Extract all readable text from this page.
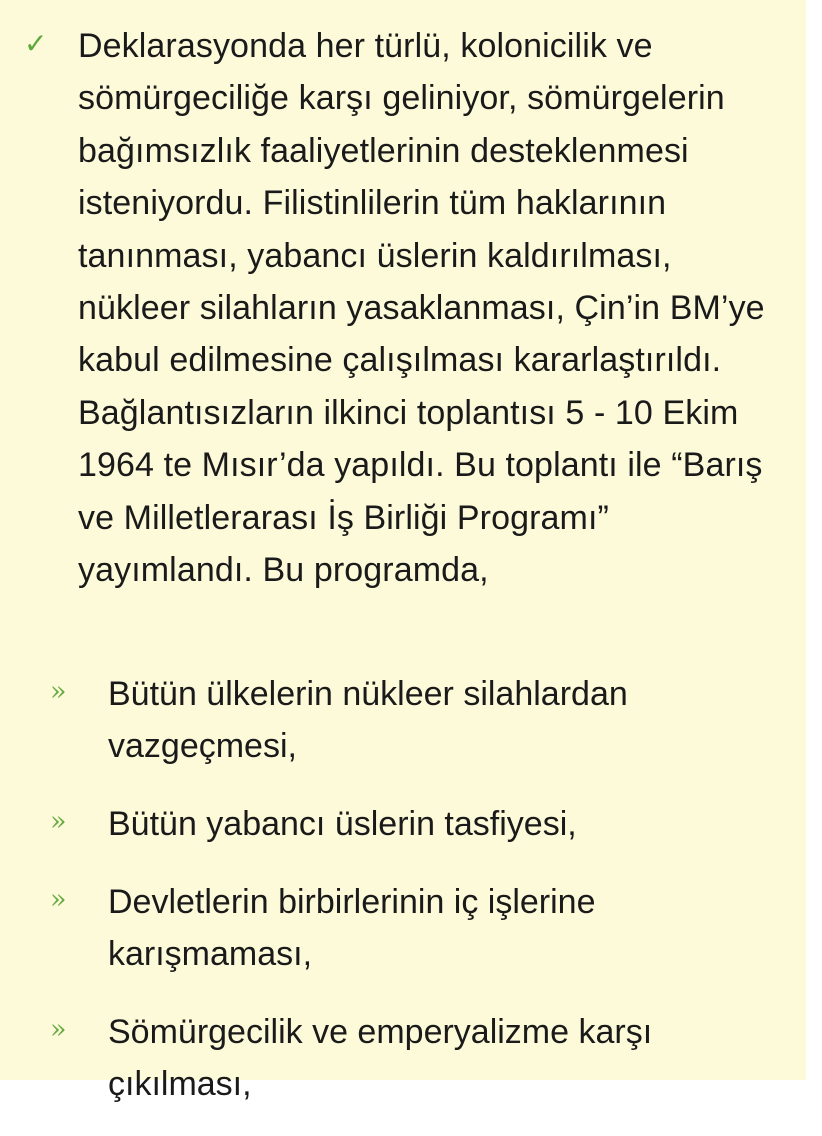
✓ Deklarasyonda her türlü, kolonicilik ve sömürgeciliğe karşı geliniyor, sömürgelerin bağımsızlık faaliyetlerinin desteklenmesi isteniyordu. Filistinlilerin tüm haklarının tanınması, yabancı üslerin kaldırılması, nükleer silahların yasaklanması, Çin’in BM’ye kabul edilmesine çalışılması kararlaştırıldı. Bağlantısızların ilkinci toplantısı 5 - 10 Ekim 1964 te Mısır’da yapıldı. Bu toplantı ile “Barış ve Milletlerarası İş Birliği Programı” yayımlandı. Bu programda,

» Bütün ülkelerin nükleer silahlardan vazgeçmesi,

» Bütün yabancı üslerin tasfiyesi,

» Devletlerin birbirlerinin iç işlerine karışmaması,

» Sömürgecilik ve emperyalizme karşı çıkılması,
